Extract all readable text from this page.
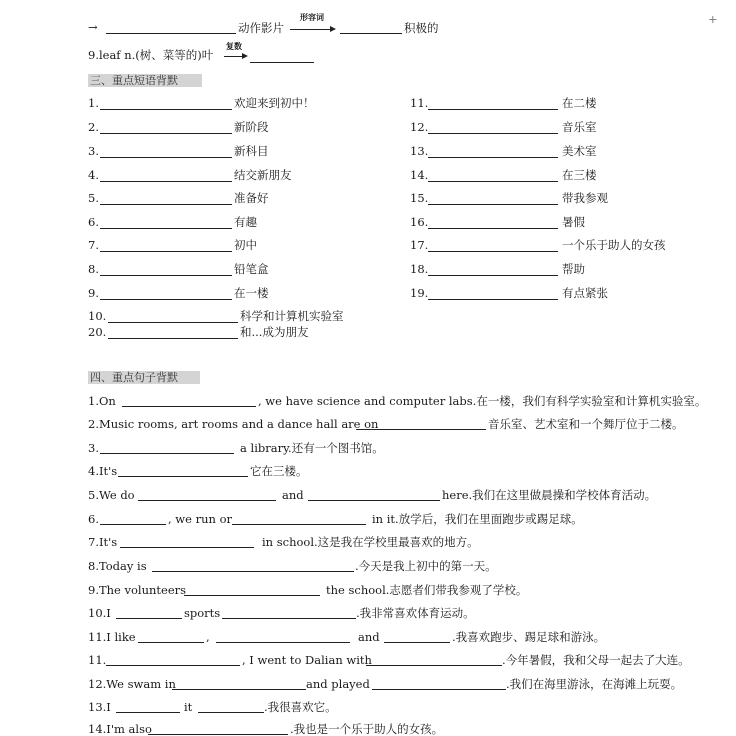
→	动作影片
形容词
积极的
+
9.leaf n.(树、菜等的)叶
复数
三、重点短语背默
1.	欢迎来到初中！
2.	新阶段
3.	新科目
4.	结交新朋友
5.	准备好
6.	有趣
7.	初中
8.	铅笔盒
9.	在一楼
11.	在二楼
12.	音乐室
13.	美术室
14.	在三楼
15.	带我参观
16.	暑假
17.	一个乐于助人的女孩
18.	帮助
19.	有点紧张
10.	科学和计算机实验室
20.	和...成为朋友
四、重点句子背默
1.On	, we have science and computer labs.在一楼，我们有科学实验室和计算机实验室。
2.Music rooms, art rooms and a dance hall are on	音乐室、艺术室和一个舞厅位于二楼。
3.	a library.还有一个图书馆。
4.It's	它在三楼。
5.We do	and	here.我们在这里做晨操和学校体育活动。
6.	, we run or	in it.放学后，我们在里面跑步或踢足球。
7.It's	in school.这是我在学校里最喜欢的地方。
8.Today is	.今天是我上初中的第一天。
9.The volunteers	the school.志愿者们带我参观了学校。
10.I	sports	.我非常喜欢体育运动。
11.I like	,	and	.我喜欢跑步、踢足球和游泳。
11.	, I went to Dalian with	.今年暑假，我和父母一起去了大连。
12.We swam in	and played	.我们在海里游泳，在海滩上玩耍。
13.I	it	.我很喜欢它。
14.I'm also	.我也是一个乐于助人的女孩。
